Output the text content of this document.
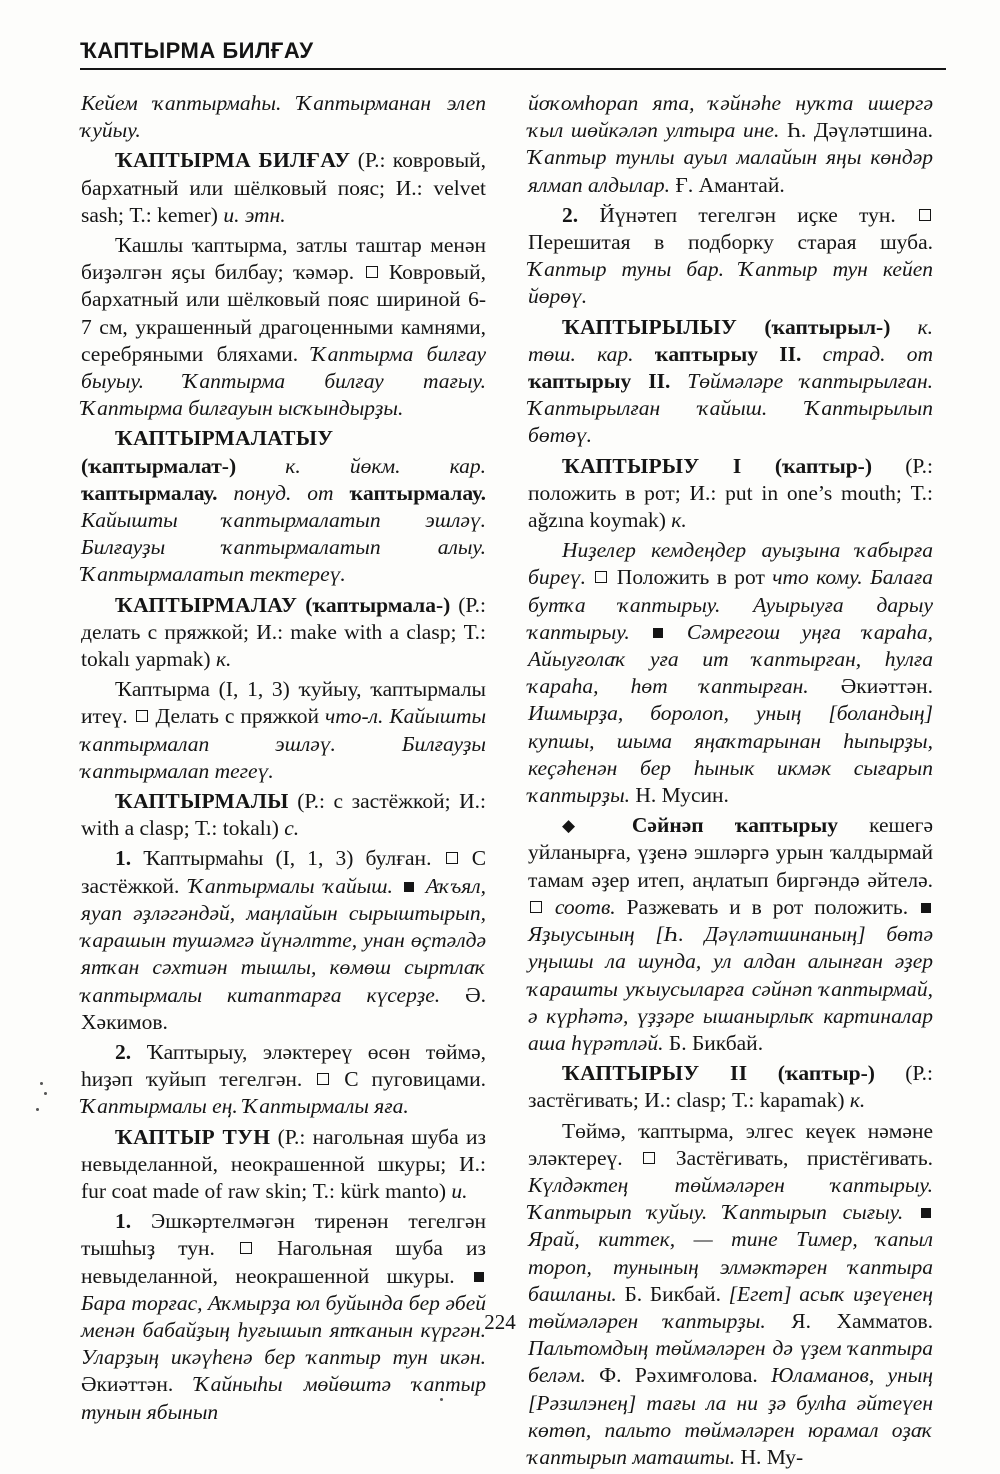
ҠАПТЫРМА БИЛҒАУ

Кейем ҡаптырмаһы. Ҡаптырманан элеп ҡуйыу.

ҠАПТЫРМА БИЛҒАУ (Р.: ковровый, бархатный или шёлковый пояс; И.: velvet sash; Т.: kemer) и. этн.

Ҡашлы ҡаптырма, затлы таштар менән биҙәлгән яҫы билбау; ҡәмәр. Ковровый, бархатный или шёлковый пояс шириной 6-7 см, украшенный драгоценными камнями, серебряными бляхами. Ҡаптырма билғау быуыу. Ҡаптырма билғау тағыу. Ҡаптырма билғауын ысҡындырҙы.

ҠАПТЫРМАЛАТЫУ (ҡаптырмалат-) к. йөкм. кар. ҡаптырмалау. понуд. от ҡаптырмалау. Кайышты ҡаптырмалатып эшләү. Билғауҙы ҡаптырмалатып алыу. Ҡаптырмалатып тектереү.

ҠАПТЫРМАЛАУ (ҡаптырмала-) (Р.: делать с пряжкой; И.: make with a clasp; Т.: tokalı yapmak) к.

Ҡаптырма (I, 1, 3) ҡуйыу, ҡаптырмалы итеү. Делать с пряжкой что-л. Кайышты ҡаптырмалап эшләү. Билғауҙы ҡаптырмалап тегеү.

ҠАПТЫРМАЛЫ (Р.: с застёжкой; И.: with a clasp; Т.: tokalı) с.

1. Ҡаптырмаһы (I, 1, 3) булған. С застёжкой. Ҡаптырмалы ҡайыш. Аҡъял, яуап әҙләгәндәй, маңлайын сырыштырып, ҡарашын тушәмгә йүнәлтте, унан өҫтәлдә ятҡан сәхтиән тышлы, көмөш сыртлаҡ ҡаптырмалы китаптарға күсерҙе. Ә. Хәкимов.

2. Ҡаптырыу, эләктереү өсөн төймә, һиҙәп ҡуйып тегелгән. С пуговицами. Ҡаптырмалы ең. Ҡаптырмалы яға.

ҠАПТЫР ТУН (Р.: нагольная шуба из невыделанной, неокрашенной шкуры; И.: fur coat made of raw skin; Т.: kürk manto) и.

1. Эшкәртелмәгән тиренән тегелгән тышһыҙ тун.	Нагольная шуба из невыделанной, неокрашенной шкуры.  Бара торғас, Аҡмырҙа юл буйында бер әбей менән бабайҙың һуғышып ятҡанын күргән. Уларҙың икәүһенә бер ҡаптыр тун икән. Әкиәттән. Ҡайныһы мөйөштә ҡаптыр тунын ябынып

йоҡомһорап ята, ҡәйнәһе нуҡта ишергә ҡыл шөйкәләп ултыра ине. Һ. Дәүләтшина. Ҡаптыр тунлы ауыл малайын яңы көндәр ялмап алдылар. Ғ. Амантай.

2. Йүнәтеп тегелгән иҫке тун.  Перешитая в подборку старая шуба. Ҡаптыр туны бар. Ҡаптыр тун кейеп йөрөү.

ҠАПТЫРЫЛЫУ (ҡаптырыл-) к. төш. кар. ҡаптырыу II. страд. от ҡаптырыу II. Төймәләре ҡаптырылған. Ҡаптырылған ҡайыш. Ҡаптырылып бөтөү.

ҠАПТЫРЫУ I (ҡаптыр-) (Р.: положить в рот; И.: put in one’s mouth; Т.: ağzına koymak) к.

Ниҙелер кемдеңдер ауыҙына ҡабырға биреү. Положить в рот что кому. Балаға бутҡа ҡаптырыу. Ауырыуға дарыу ҡаптырыу.	Сәмрегош уңға ҡараһа, Айыуғолаҡ уға ит ҡаптырған, һулға ҡараһа, һөт ҡаптырған. Әкиәттән. Ишмырҙа, боролоп, уның [боландың] купшы, шыма яңаҡтарынан һыпырҙы, кеҫәһенән бер һынык икмәк сығарып ҡаптырҙы. Н. Мусин.

◆ Сәйнәп ҡаптырыу кешегә уйланырға, үҙенә эшләргә урын ҡалдырмай тамам әҙер итеп, аңлатып биргәндә әйтелә.  соотв. Разжевать и в рот положить.  Яҙыусының [Һ. Дәүләтшинаның] бөтә уңышы ла шунда, ул алдан алынған әҙер ҡарашты уҡыусыларға сәйнәп ҡаптырмай, ә күрһәтә, үҙҙәре ышанырлыҡ картиналар аша һүрәтләй. Б. Бикбай.

ҠАПТЫРЫУ II (ҡаптыр-) (Р.: застёгивать; И.: clasp; Т.: kapamak) к.

Төймә, ҡаптырма, элгес кеүек нәмәне эләктереү. Застёгивать, пристёгивать. Күлдәктең төймәләрен ҡаптырыу. Ҡаптырып ҡуйыу. Ҡаптырып сығыу.  Ярай, киттек, — тине Тимер, ҡапыл тороп, тунының элмәктәрен ҡаптыра башланы. Б. Бикбай. [Егет] асыҡ иҙеүенең төймәләрен ҡаптырҙы. Я. Хамматов. Пальтомдың төймәләрен дә үҙем ҡаптыра беләм. Ф. Рәхимғолова. Юламанов, уның [Рәзилэнең] тағы ла ни ҙә булһа әйтеүен көтөп, пальто төймәләрен юрамал оҙаҡ ҡаптырып маташты. Н. Му-

224
